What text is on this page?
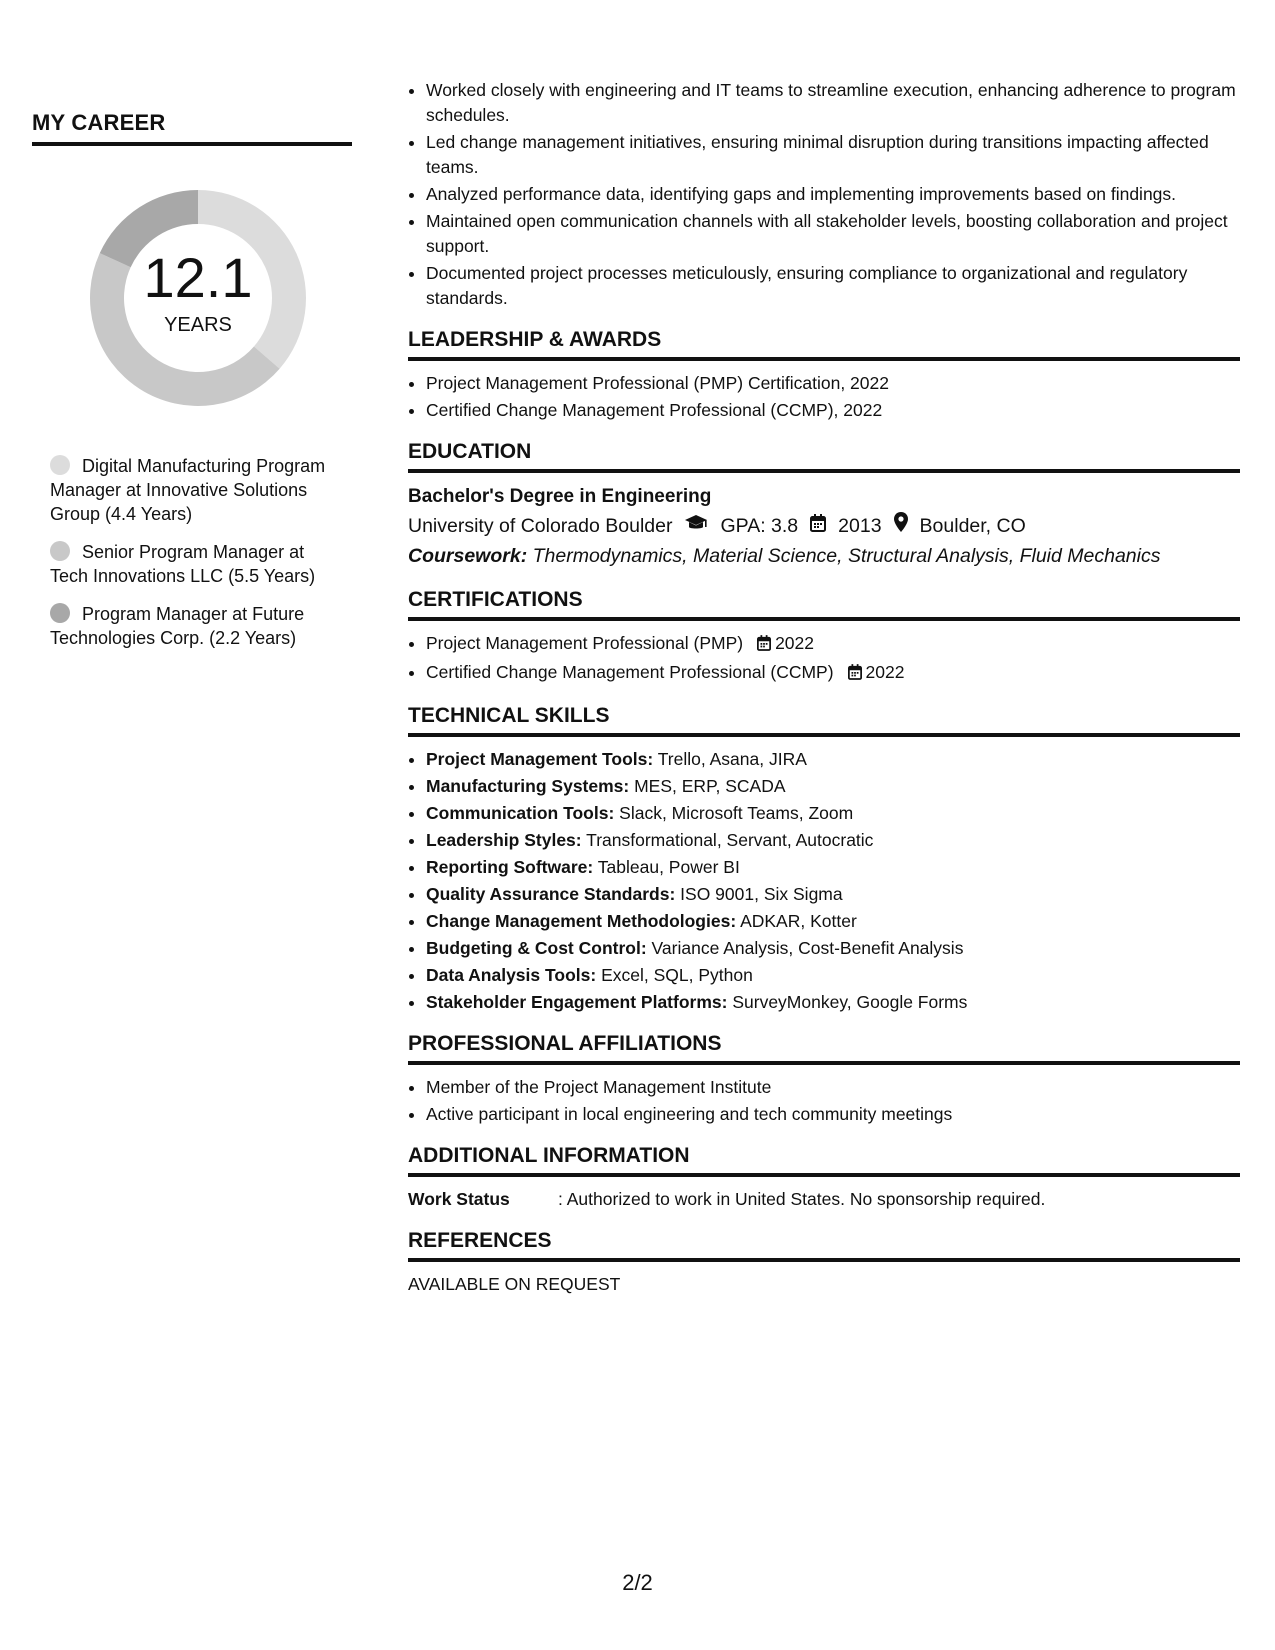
MY CAREER
12.1
YEARS
Digital Manufacturing Program Manager at Innovative Solutions Group (4.4 Years)
Senior Program Manager at Tech Innovations LLC (5.5 Years)
Program Manager at Future Technologies Corp. (2.2 Years)
• Worked closely with engineering and IT teams to streamline execution, enhancing adherence to program schedules.
• Led change management initiatives, ensuring minimal disruption during transitions impacting affected teams.
• Analyzed performance data, identifying gaps and implementing improvements based on findings.
• Maintained open communication channels with all stakeholder levels, boosting collaboration and project support.
• Documented project processes meticulously, ensuring compliance to organizational and regulatory standards.
LEADERSHIP & AWARDS
• Project Management Professional (PMP) Certification, 2022
• Certified Change Management Professional (CCMP), 2022
EDUCATION
Bachelor's Degree in Engineering
University of Colorado Boulder GPA: 3.8 2013 Boulder, CO
Coursework: Thermodynamics, Material Science, Structural Analysis, Fluid Mechanics
CERTIFICATIONS
• Project Management Professional (PMP) 2022
• Certified Change Management Professional (CCMP) 2022
TECHNICAL SKILLS
• Project Management Tools: Trello, Asana, JIRA
• Manufacturing Systems: MES, ERP, SCADA
• Communication Tools: Slack, Microsoft Teams, Zoom
• Leadership Styles: Transformational, Servant, Autocratic
• Reporting Software: Tableau, Power BI
• Quality Assurance Standards: ISO 9001, Six Sigma
• Change Management Methodologies: ADKAR, Kotter
• Budgeting & Cost Control: Variance Analysis, Cost-Benefit Analysis
• Data Analysis Tools: Excel, SQL, Python
• Stakeholder Engagement Platforms: SurveyMonkey, Google Forms
PROFESSIONAL AFFILIATIONS
• Member of the Project Management Institute
• Active participant in local engineering and tech community meetings
ADDITIONAL INFORMATION
Work Status	: Authorized to work in United States. No sponsorship required.
REFERENCES
AVAILABLE ON REQUEST
2/2
